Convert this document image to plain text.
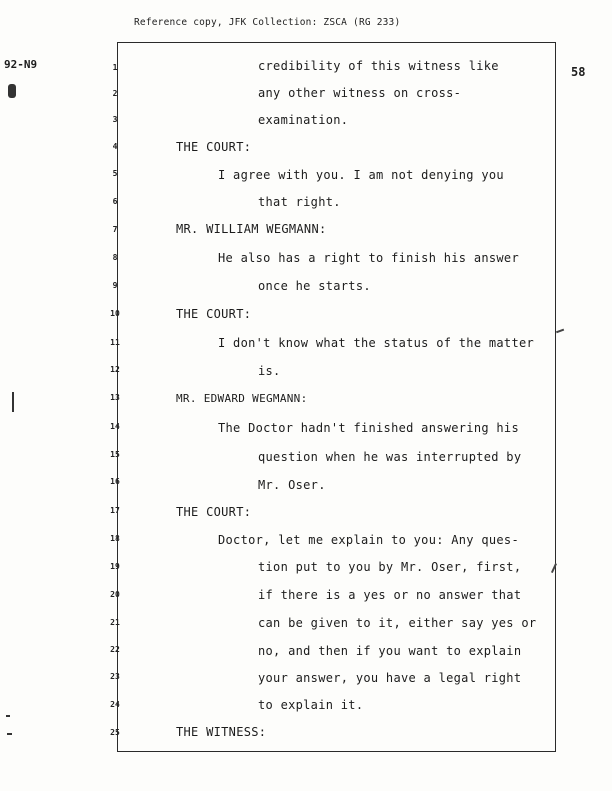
Reference copy, JFK Collection: ZSCA (RG 233)
58
92-N9	1
2
3
4
5
6
7
8
9
10
11
12
13
14
15
16
17
18
19
20
21
22
23
24
25
credibility of this witness like
any other witness on cross-
examination.
THE COURT:
I agree with you. I am not denying you
that right.
MR. WILLIAM WEGMANN:
He also has a right to finish his answer
once he starts.
THE COURT:
I don't know what the status of the matter
is.
MR. EDWARD WEGMANN:
The Doctor hadn't finished answering his
question when he was interrupted by
Mr. Oser.
THE COURT:
Doctor, let me explain to you: Any ques-
tion put to you by Mr. Oser, first,
if there is a yes or no answer that
can be given to it, either say yes or
no, and then if you want to explain
your answer, you have a legal right
to explain it.
THE WITNESS:
